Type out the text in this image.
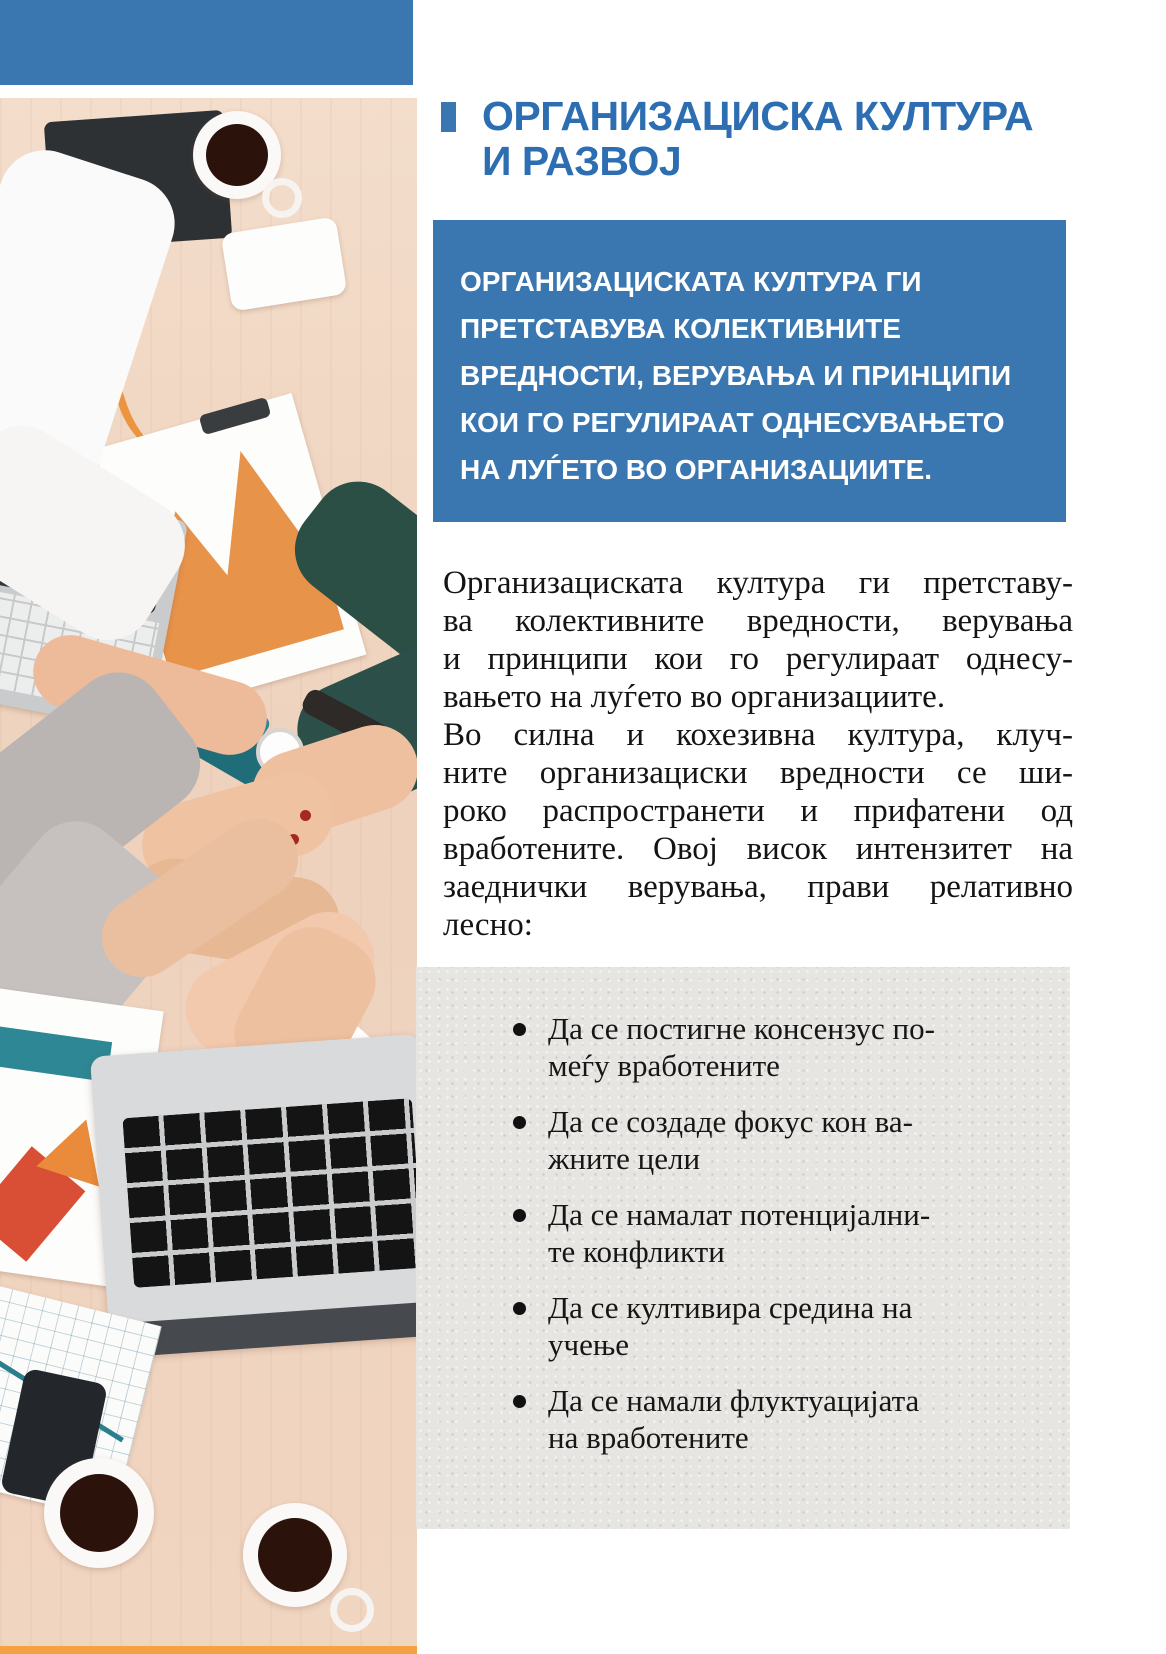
ОРГАНИЗАЦИСКА КУЛТУРА
И РАЗВОЈ
ОРГАНИЗАЦИСКАТА КУЛТУРА ГИ
ПРЕТСТАВУВА КОЛЕКТИВНИТЕ
ВРЕДНОСТИ, ВЕРУВАЊА И ПРИНЦИПИ
КОИ ГО РЕГУЛИРААТ ОДНЕСУВАЊЕТО
НА ЛУЃЕТО ВО ОРГАНИЗАЦИИТЕ.
Организациската култура ги претставу-
ва колективните вредности, верувања
и принципи кои го регулираат однесу-
вањето на луѓето во организациите.
Во силна и кохезивна култура, клуч-
ните организациски вредности се ши-
роко распространети и прифатени од
вработените. Овој висок интензитет на
заеднички верувања, прави релативно
лесно:
Да се постигне консензус по-
меѓу вработените
Да се создаде фокус кон ва-
жните цели
Да се намалат потенцијални-
те конфликти
Да се култивира средина на
учење
Да се намали флуктуацијата
на вработените
